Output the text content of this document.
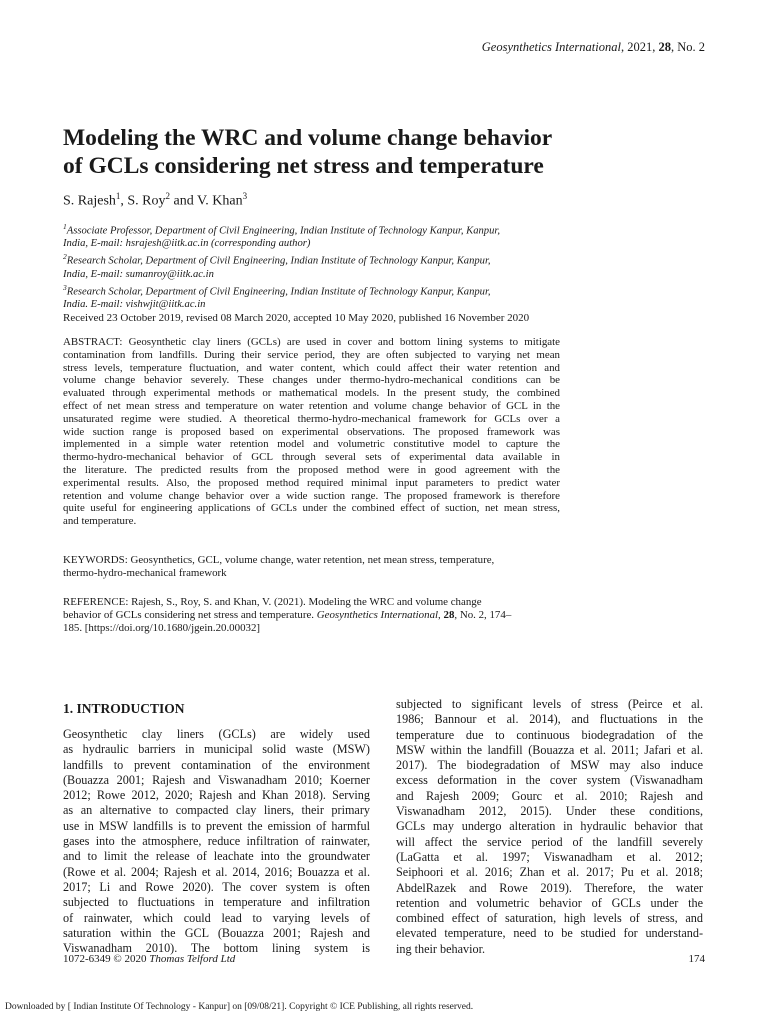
Geosynthetics International, 2021, 28, No. 2
Modeling the WRC and volume change behavior
of GCLs considering net stress and temperature
S. Rajesh$^1$, S. Roy$^2$ and V. Khan$^3$
$^1$Associate Professor, Department of Civil Engineering, Indian Institute of Technology Kanpur, Kanpur,
India, E-mail: hsrajesh@iitk.ac.in (corresponding author)
$^2$Research Scholar, Department of Civil Engineering, Indian Institute of Technology Kanpur, Kanpur,
India, E-mail: sumanroy@iitk.ac.in
$^3$Research Scholar, Department of Civil Engineering, Indian Institute of Technology Kanpur, Kanpur,
India. E-mail: vishwjit@iitk.ac.in
Received 23 October 2019, revised 08 March 2020, accepted 10 May 2020, published 16 November 2020
ABSTRACT: Geosynthetic clay liners (GCLs) are used in cover and bottom lining systems to mitigate
contamination from landfills. During their service period, they are often subjected to varying net mean
stress levels, temperature fluctuation, and water content, which could affect their water retention and
volume change behavior severely. These changes under thermo-hydro-mechanical conditions can be
evaluated through experimental methods or mathematical models. In the present study, the combined
effect of net mean stress and temperature on water retention and volume change behavior of GCL in the
unsaturated regime were studied. A theoretical thermo-hydro-mechanical framework for GCLs over a
wide suction range is proposed based on experimental observations. The proposed framework was
implemented in a simple water retention model and volumetric constitutive model to capture the
thermo-hydro-mechanical behavior of GCL through several sets of experimental data available in
the literature. The predicted results from the proposed method were in good agreement with the
experimental results. Also, the proposed method required minimal input parameters to predict water
retention and volume change behavior over a wide suction range. The proposed framework is therefore
quite useful for engineering applications of GCLs under the combined effect of suction, net mean stress,
and temperature.
KEYWORDS: Geosynthetics, GCL, volume change, water retention, net mean stress, temperature,
thermo-hydro-mechanical framework
REFERENCE: Rajesh, S., Roy, S. and Khan, V. (2021). Modeling the WRC and volume change
behavior of GCLs considering net stress and temperature. Geosynthetics International, 28, No. 2, 174–
185. [https://doi.org/10.1680/jgein.20.00032]
1. INTRODUCTION
Geosynthetic clay liners (GCLs) are widely used
as hydraulic barriers in municipal solid waste (MSW)
landfills to prevent contamination of the environment
(Bouazza 2001; Rajesh and Viswanadham 2010; Koerner
2012; Rowe 2012, 2020; Rajesh and Khan 2018). Serving
as an alternative to compacted clay liners, their primary
use in MSW landfills is to prevent the emission of harmful
gases into the atmosphere, reduce infiltration of rainwater,
and to limit the release of leachate into the groundwater
(Rowe et al. 2004; Rajesh et al. 2014, 2016; Bouazza et al.
2017; Li and Rowe 2020). The cover system is often
subjected to fluctuations in temperature and infiltration
of rainwater, which could lead to varying levels of
saturation within the GCL (Bouazza 2001; Rajesh and
Viswanadham 2010). The bottom lining system is
subjected to significant levels of stress (Peirce et al.
1986; Bannour et al. 2014), and fluctuations in the
temperature due to continuous biodegradation of the
MSW within the landfill (Bouazza et al. 2011; Jafari et al.
2017). The biodegradation of MSW may also induce
excess deformation in the cover system (Viswanadham
and Rajesh 2009; Gourc et al. 2010; Rajesh and
Viswanadham 2012, 2015). Under these conditions,
GCLs may undergo alteration in hydraulic behavior that
will affect the service period of the landfill severely
(LaGatta et al. 1997; Viswanadham et al. 2012;
Seiphoori et al. 2016; Zhan et al. 2017; Pu et al. 2018;
AbdelRazek and Rowe 2019). Therefore, the water
retention and volumetric behavior of GCLs under the
combined effect of saturation, high levels of stress, and
elevated temperature, need to be studied for understand-
ing their behavior.
1072-6349 © 2020 Thomas Telford Ltd	174
Downloaded by [ Indian Institute Of Technology - Kanpur] on [09/08/21]. Copyright © ICE Publishing, all rights reserved.
